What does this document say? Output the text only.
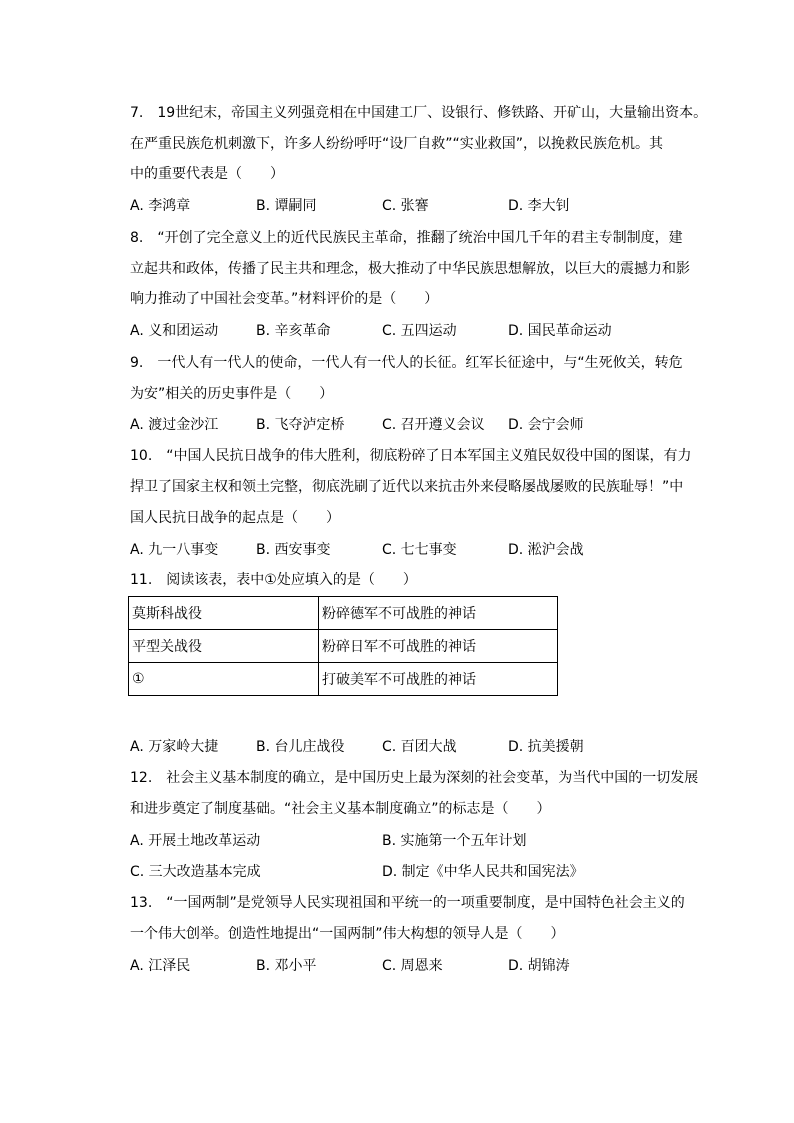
7.　19世纪末，帝国主义列强竞相在中国建工厂、设银行、修铁路、开矿山，大量输出资本。
在严重民族危机刺激下，许多人纷纷呼吁“设厂自救”“实业救国”，以挽救民族危机。其
中的重要代表是（　　）
A. 李鸿章	B. 谭嗣同	C. 张謇	D. 李大钊
8.　“开创了完全意义上的近代民族民主革命，推翻了统治中国几千年的君主专制制度，建
立起共和政体，传播了民主共和理念，极大推动了中华民族思想解放，以巨大的震撼力和影
响力推动了中国社会变革。”材料评价的是（　　）
A. 义和团运动	B. 辛亥革命	C. 五四运动	D. 国民革命运动
9.　一代人有一代人的使命，一代人有一代人的长征。红军长征途中，与“生死攸关，转危
为安”相关的历史事件是（　　）
A. 渡过金沙江	B. 飞夺泸定桥	C. 召开遵义会议 D. 会宁会师
10.　“中国人民抗日战争的伟大胜利，彻底粉碎了日本军国主义殖民奴役中国的图谋，有力
捍卫了国家主权和领土完整，彻底洗刷了近代以来抗击外来侵略屡战屡败的民族耻辱！”中
国人民抗日战争的起点是（　　）
A. 九一八事变	B. 西安事变	C. 七七事变	D. 淞沪会战
11.　阅读该表，表中①处应填入的是（　　）
莫斯科战役	粉碎德军不可战胜的神话
平型关战役	粉碎日军不可战胜的神话
①	打破美军不可战胜的神话
A. 万家岭大捷	B. 台儿庄战役	C. 百团大战	D. 抗美援朝
12.　社会主义基本制度的确立，是中国历史上最为深刻的社会变革，为当代中国的一切发展
和进步奠定了制度基础。“社会主义基本制度确立”的标志是（　　）
A. 开展土地改革运动	B. 实施第一个五年计划
C. 三大改造基本完成	D. 制定《中华人民共和国宪法》
13.　“一国两制”是党领导人民实现祖国和平统一的一项重要制度，是中国特色社会主义的
一个伟大创举。创造性地提出“一国两制”伟大构想的领导人是（　　）
A. 江泽民	B. 邓小平	C. 周恩来	D. 胡锦涛
